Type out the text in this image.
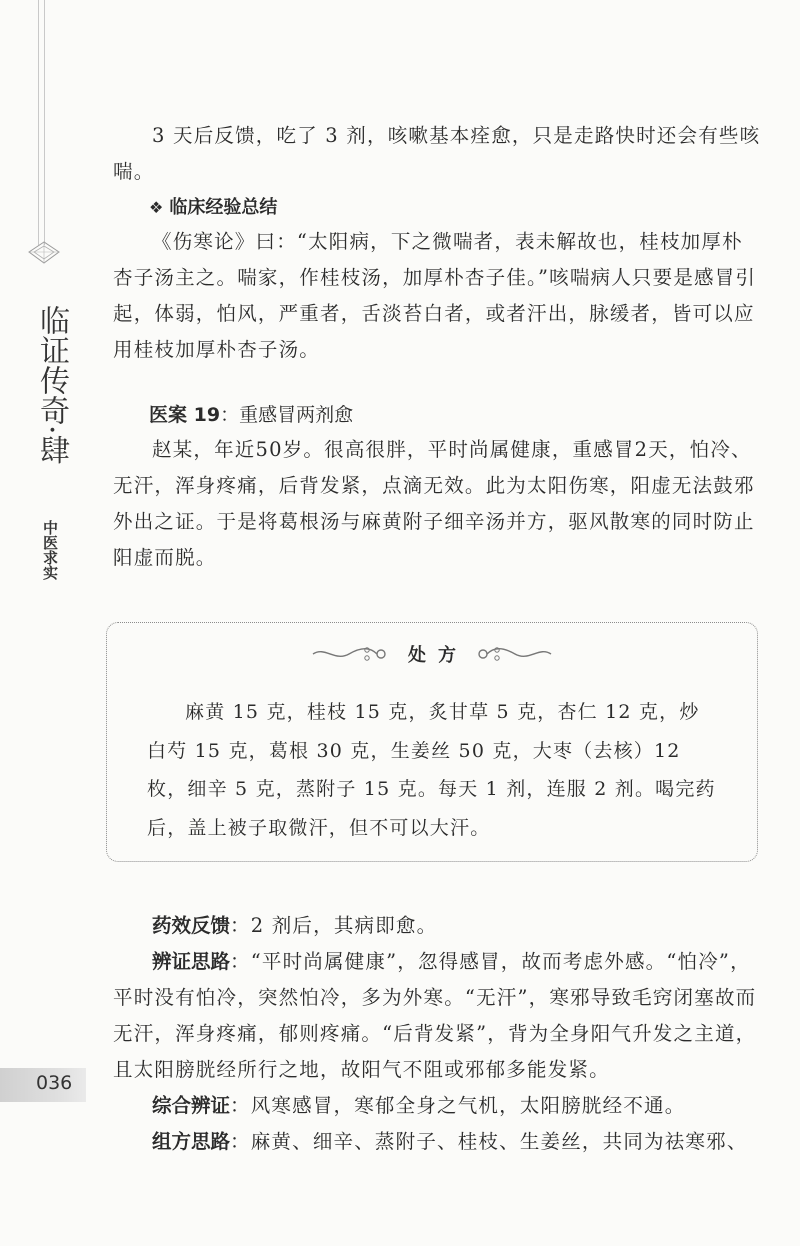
临证传奇·肆
中医求实
036

3 天后反馈，吃了 3 剂，咳嗽基本痊愈，只是走路快时还会有些咳喘。

❖ 临床经验总结

《伤寒论》曰：“太阳病，下之微喘者，表未解故也，桂枝加厚朴杏子汤主之。喘家，作桂枝汤，加厚朴杏子佳。”咳喘病人只要是感冒引起，体弱，怕风，严重者，舌淡苔白者，或者汗出，脉缓者，皆可以应用桂枝加厚朴杏子汤。

医案 19：重感冒两剂愈

赵某，年近50岁。很高很胖，平时尚属健康，重感冒2天，怕冷、无汗，浑身疼痛，后背发紧，点滴无效。此为太阳伤寒，阳虚无法鼓邪外出之证。于是将葛根汤与麻黄附子细辛汤并方，驱风散寒的同时防止阳虚而脱。

处方

麻黄 15 克，桂枝 15 克，炙甘草 5 克，杏仁 12 克，炒白芍 15 克，葛根 30 克，生姜丝 50 克，大枣（去核）12 枚，细辛 5 克，蒸附子 15 克。每天 1 剂，连服 2 剂。喝完药后，盖上被子取微汗，但不可以大汗。

药效反馈：2 剂后，其病即愈。

辨证思路：“平时尚属健康”，忽得感冒，故而考虑外感。“怕冷”，平时没有怕冷，突然怕冷，多为外寒。“无汗”，寒邪导致毛窍闭塞故而无汗，浑身疼痛，郁则疼痛。“后背发紧”，背为全身阳气升发之主道，且太阳膀胱经所行之地，故阳气不阻或邪郁多能发紧。

综合辨证：风寒感冒，寒郁全身之气机，太阳膀胱经不通。

组方思路：麻黄、细辛、蒸附子、桂枝、生姜丝，共同为祛寒邪、
